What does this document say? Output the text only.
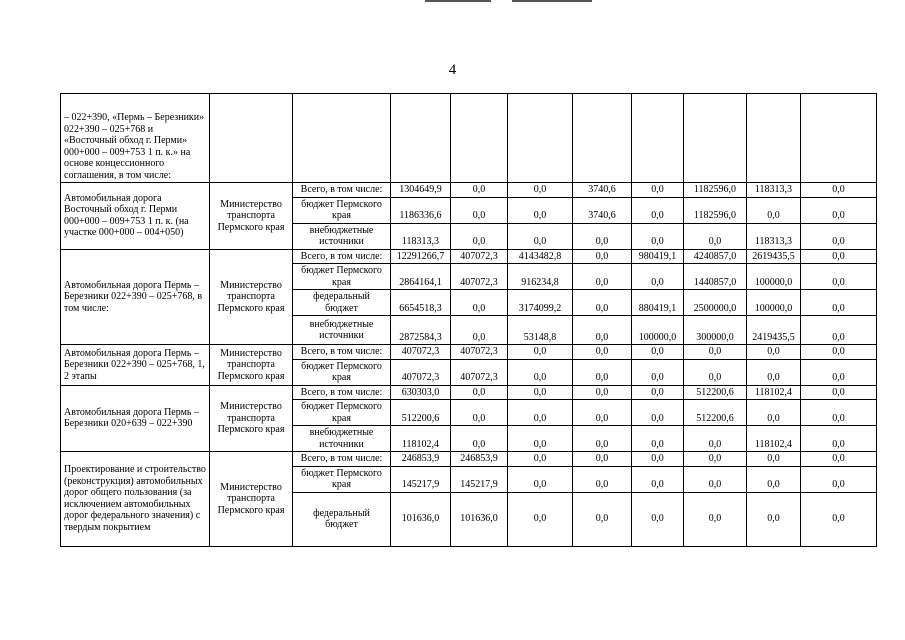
4
– 022+390, «Пермь – Березники» 022+390 – 025+768 и «Восточный обход г. Перми» 000+000 – 009+753 1 п. к.» на основе концессионного соглашения, в том числе:										
Автомобильная дорога Восточный обход г. Перми 000+000 – 009+753 1 п. к. (на участке 000+000 – 004+050)	Министерство транспорта Пермского края	Всего, в том числе:	1304649,9	0,0	0,0	3740,6	0,0	1182596,0	118313,3	0,0
		бюджет Пермского края	1186336,6	0,0	0,0	3740,6	0,0	1182596,0	0,0	0,0
		внебюджетные источники	118313,3	0,0	0,0	0,0	0,0	0,0	118313,3	0,0
Автомобильная дорога Пермь – Березники 022+390 – 025+768, в том числе:	Министерство транспорта Пермского края	Всего, в том числе:	12291266,7	407072,3	4143482,8	0,0	980419,1	4240857,0	2619435,5	0,0
		бюджет Пермского края	2864164,1	407072,3	916234,8	0,0	0,0	1440857,0	100000,0	0,0
		федеральный бюджет	6654518,3	0,0	3174099,2	0,0	880419,1	2500000,0	100000,0	0,0
		внебюджетные источники	2872584,3	0,0	53148,8	0,0	100000,0	300000,0	2419435,5	0,0
Автомобильная дорога Пермь – Березники 022+390 – 025+768, 1, 2 этапы	Министерство транспорта Пермского края	Всего, в том числе:	407072,3	407072,3	0,0	0,0	0,0	0,0	0,0	0,0
		бюджет Пермского края	407072,3	407072,3	0,0	0,0	0,0	0,0	0,0	0,0
Автомобильная дорога Пермь – Березники 020+639 – 022+390	Министерство транспорта Пермского края	Всего, в том числе:	630303,0	0,0	0,0	0,0	0,0	512200,6	118102,4	0,0
		бюджет Пермского края	512200,6	0,0	0,0	0,0	0,0	512200,6	0,0	0,0
		внебюджетные источники	118102,4	0,0	0,0	0,0	0,0	0,0	118102,4	0,0
Проектирование и строительство (реконструкция) автомобильных дорог общего пользования (за исключением автомобильных дорог федерального значения) с твердым покрытием	Министерство транспорта Пермского края	Всего, в том числе:	246853,9	246853,9	0,0	0,0	0,0	0,0	0,0	0,0
		бюджет Пермского края	145217,9	145217,9	0,0	0,0	0,0	0,0	0,0	0,0
		федеральный бюджет	101636,0	101636,0	0,0	0,0	0,0	0,0	0,0	0,0
